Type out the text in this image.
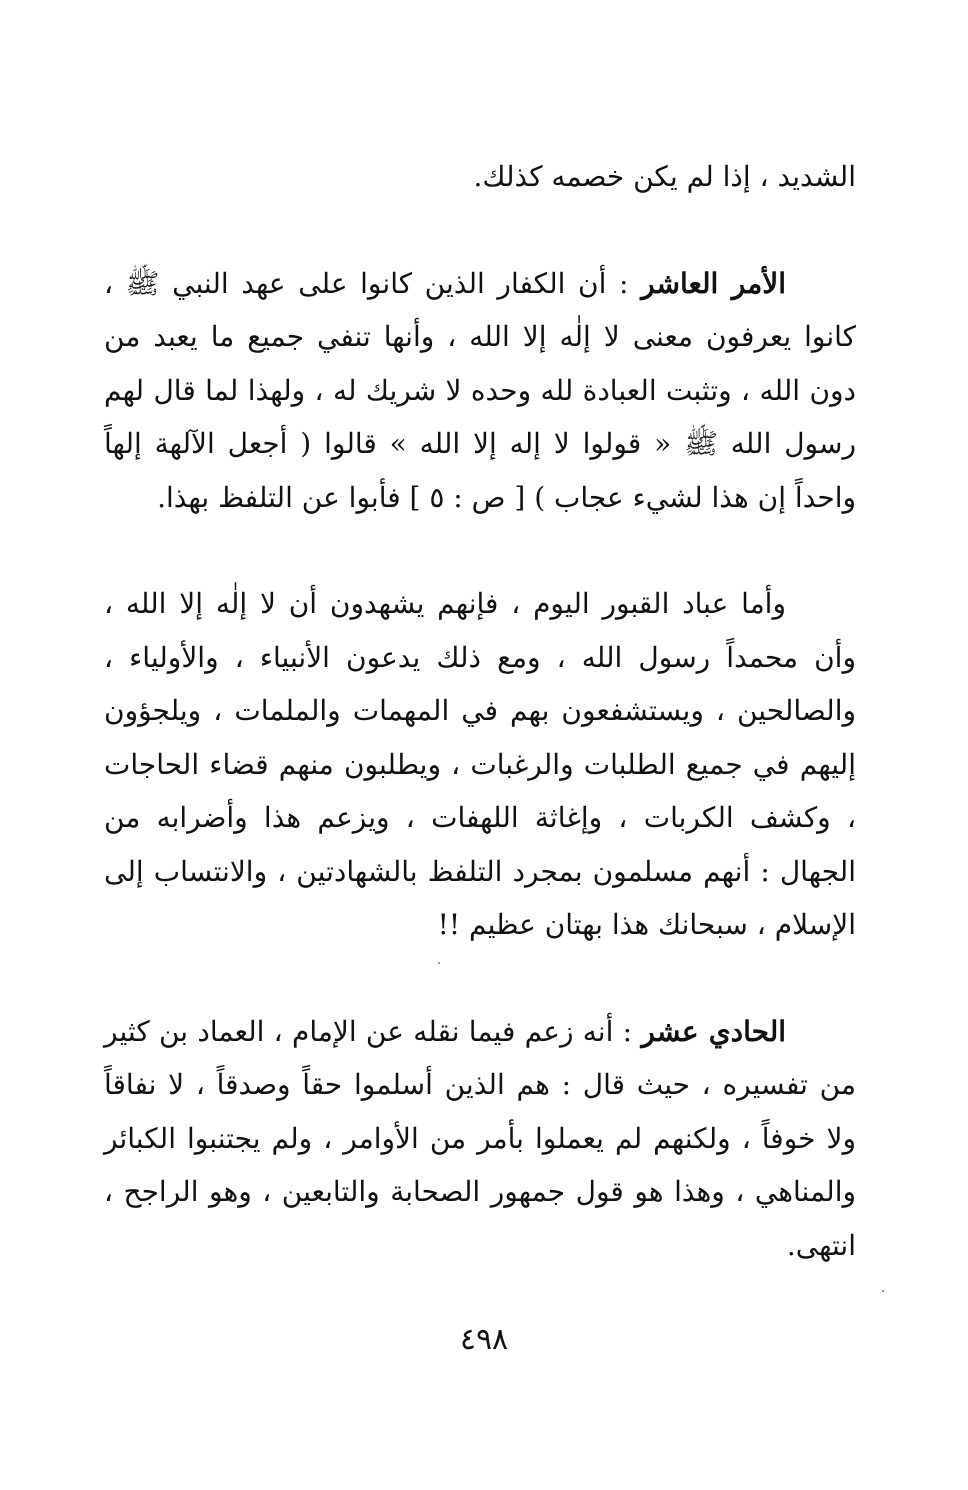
الشديد ، إذا لم يكن خصمه كذلك.

الأمر العاشر : أن الكفار الذين كانوا على عهد النبي ﷺ ، كانوا يعرفون معنى لا إلٰه إلا الله ، وأنها تنفي جميع ما يعبد من دون الله ، وتثبت العبادة لله وحده لا شريك له ، ولهذا لما قال لهم رسول الله ﷺ « قولوا لا إله إلا الله » قالوا ( أجعل الآلهة إلهاً واحداً إن هذا لشيء عجاب ) [ ص : ٥ ] فأبوا عن التلفظ بهذا.

وأما عباد القبور اليوم ، فإنهم يشهدون أن لا إلٰه إلا الله ، وأن محمداً رسول الله ، ومع ذلك يدعون الأنبياء ، والأولياء ، والصالحين ، ويستشفعون بهم في المهمات والملمات ، ويلجؤون إليهم في جميع الطلبات والرغبات ، ويطلبون منهم قضاء الحاجات ، وكشف الكربات ، وإغاثة اللهفات ، ويزعم هذا وأضرابه من الجهال : أنهم مسلمون بمجرد التلفظ بالشهادتين ، والانتساب إلى الإسلام ، سبحانك هذا بهتان عظيم !!

الحادي عشر : أنه زعم فيما نقله عن الإمام ، العماد بن كثير من تفسيره ، حيث قال : هم الذين أسلموا حقاً وصدقاً ، لا نفاقاً ولا خوفاً ، ولكنهم لم يعملوا بأمر من الأوامر ، ولم يجتنبوا الكبائر والمناهي ، وهذا هو قول جمهور الصحابة والتابعين ، وهو الراجح ، انتهى.

٤٩٨
